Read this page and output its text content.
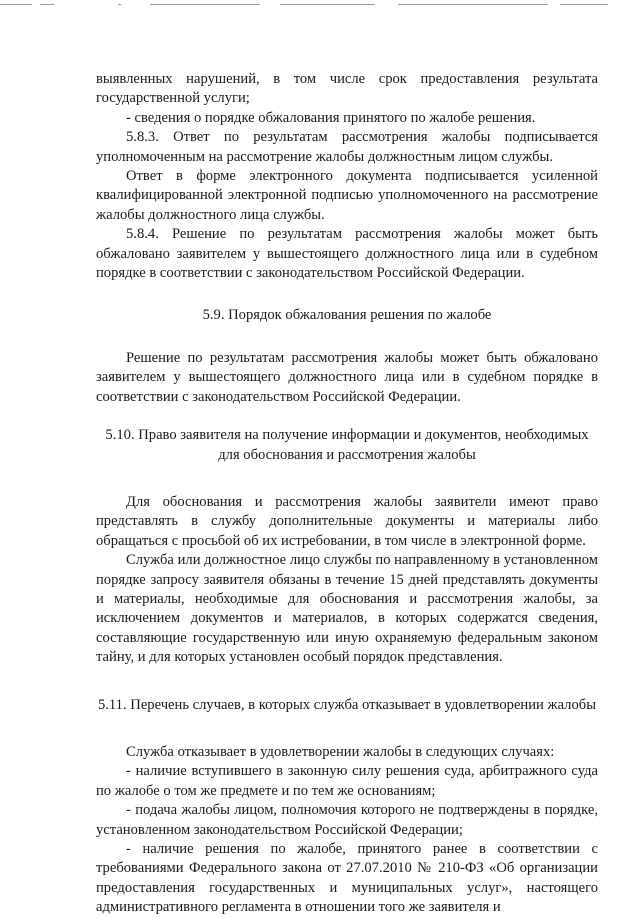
выявленных нарушений, в том числе срок предоставления результата государственной услуги;

- сведения о порядке обжалования принятого по жалобе решения.

5.8.3. Ответ по результатам рассмотрения жалобы подписывается уполномоченным на рассмотрение жалобы должностным лицом службы.

Ответ в форме электронного документа подписывается усиленной квалифицированной электронной подписью уполномоченного на рассмотрение жалобы должностного лица службы.

5.8.4. Решение по результатам рассмотрения жалобы может быть обжаловано заявителем у вышестоящего должностного лица или в судебном порядке в соответствии с законодательством Российской Федерации.

5.9. Порядок обжалования решения по жалобе

Решение по результатам рассмотрения жалобы может быть обжаловано заявителем у вышестоящего должностного лица или в судебном порядке в соответствии с законодательством Российской Федерации.

5.10. Право заявителя на получение информации и документов, необходимых для обоснования и рассмотрения жалобы

Для обоснования и рассмотрения жалобы заявители имеют право представлять в службу дополнительные документы и материалы либо обращаться с просьбой об их истребовании, в том числе в электронной форме.

Служба или должностное лицо службы по направленному в установленном порядке запросу заявителя обязаны в течение 15 дней представлять документы и материалы, необходимые для обоснования и рассмотрения жалобы, за исключением документов и материалов, в которых содержатся сведения, составляющие государственную или иную охраняемую федеральным законом тайну, и для которых установлен особый порядок представления.

5.11. Перечень случаев, в которых служба отказывает в удовлетворении жалобы

Служба отказывает в удовлетворении жалобы в следующих случаях:

- наличие вступившего в законную силу решения суда, арбитражного суда по жалобе о том же предмете и по тем же основаниям;

- подача жалобы лицом, полномочия которого не подтверждены в порядке, установленном законодательством Российской Федерации;

- наличие решения по жалобе, принятого ранее в соответствии с требованиями Федерального закона от 27.07.2010 № 210-ФЗ «Об организации предоставления государственных и муниципальных услуг», настоящего административного регламента в отношении того же заявителя и
